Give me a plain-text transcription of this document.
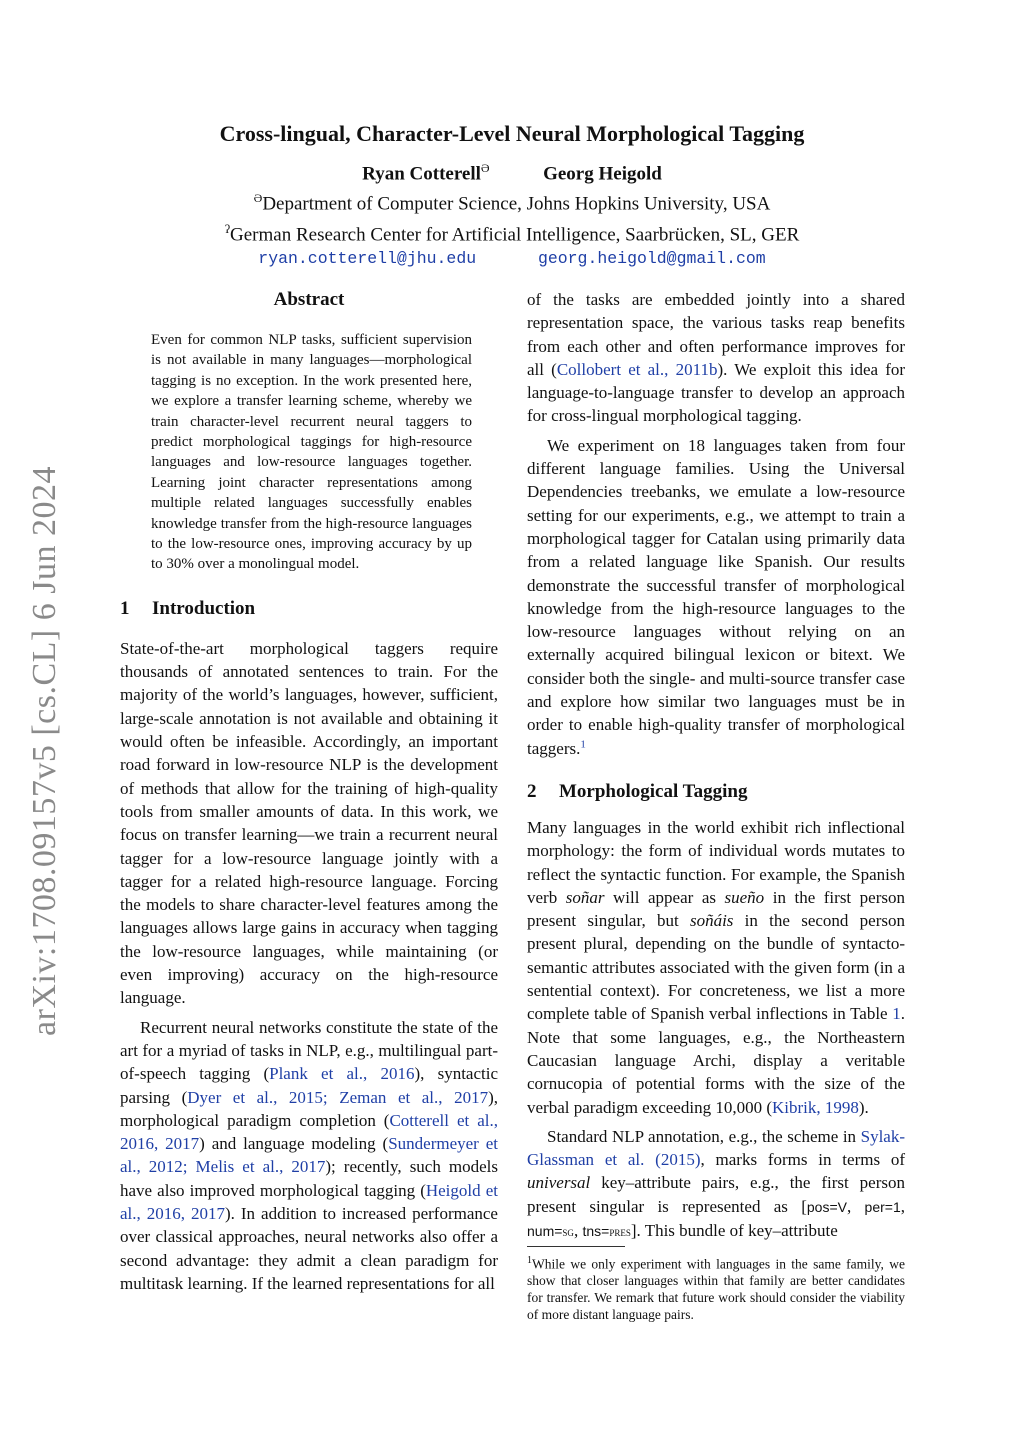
arXiv:1708.09157v5 [cs.CL] 6 Jun 2024
Cross-lingual, Character-Level Neural Morphological Tagging
Ryan Cotterell$^Ə$	Georg Heigold
$^Ə$Department of Computer Science, Johns Hopkins University, USA
$^ʔ$German Research Center for Artificial Intelligence, Saarbrücken, SL, GER
ryan.cotterell@jhu.edu	georg.heigold@gmail.com
Abstract

Even for common NLP tasks, sufficient supervision is not available in many languages—morphological tagging is no exception. In the work presented here, we explore a transfer learning scheme, whereby we train character-level recurrent neural taggers to predict morphological taggings for high-resource languages and low-resource languages together. Learning joint character representations among multiple related languages successfully enables knowledge transfer from the high-resource languages to the low-resource ones, improving accuracy by up to 30% over a monolingual model.

1 Introduction

State-of-the-art morphological taggers require thousands of annotated sentences to train. For the majority of the world’s languages, however, sufficient, large-scale annotation is not available and obtaining it would often be infeasible. Accordingly, an important road forward in low-resource NLP is the development of methods that allow for the training of high-quality tools from smaller amounts of data. In this work, we focus on transfer learning—we train a recurrent neural tagger for a low-resource language jointly with a tagger for a related high-resource language. Forcing the models to share character-level features among the languages allows large gains in accuracy when tagging the low-resource languages, while maintaining (or even improving) accuracy on the high-resource language.

Recurrent neural networks constitute the state of the art for a myriad of tasks in NLP, e.g., multilingual part-of-speech tagging (Plank et al., 2016), syntactic parsing (Dyer et al., 2015; Zeman et al., 2017), morphological paradigm completion (Cotterell et al., 2016, 2017) and language modeling (Sundermeyer et al., 2012; Melis et al., 2017); recently, such models have also improved morphological tagging (Heigold et al., 2016, 2017). In addition to increased performance over classical approaches, neural networks also offer a second advantage: they admit a clean paradigm for multitask learning. If the learned representations for all

of the tasks are embedded jointly into a shared representation space, the various tasks reap benefits from each other and often performance improves for all (Collobert et al., 2011b). We exploit this idea for language-to-language transfer to develop an approach for cross-lingual morphological tagging.

We experiment on 18 languages taken from four different language families. Using the Universal Dependencies treebanks, we emulate a low-resource setting for our experiments, e.g., we attempt to train a morphological tagger for Catalan using primarily data from a related language like Spanish. Our results demonstrate the successful transfer of morphological knowledge from the high-resource languages to the low-resource languages without relying on an externally acquired bilingual lexicon or bitext. We consider both the single- and multi-source transfer case and explore how similar two languages must be in order to enable high-quality transfer of morphological taggers.$^1$

2 Morphological Tagging

Many languages in the world exhibit rich inflectional morphology: the form of individual words mutates to reflect the syntactic function. For example, the Spanish verb soñar will appear as sueño in the first person present singular, but soñáis in the second person present plural, depending on the bundle of syntacto-semantic attributes associated with the given form (in a sentential context). For concreteness, we list a more complete table of Spanish verbal inflections in Table 1. Note that some languages, e.g., the Northeastern Caucasian language Archi, display a veritable cornucopia of potential forms with the size of the verbal paradigm exceeding 10,000 (Kibrik, 1998).

Standard NLP annotation, e.g., the scheme in Sylak-Glassman et al. (2015), marks forms in terms of universal key–attribute pairs, e.g., the first person present singular is represented as [pos=V, per=1, num=sg, tns=pres]. This bundle of key–attribute

$^1$While we only experiment with languages in the same family, we show that closer languages within that family are better candidates for transfer. We remark that future work should consider the viability of more distant language pairs.
